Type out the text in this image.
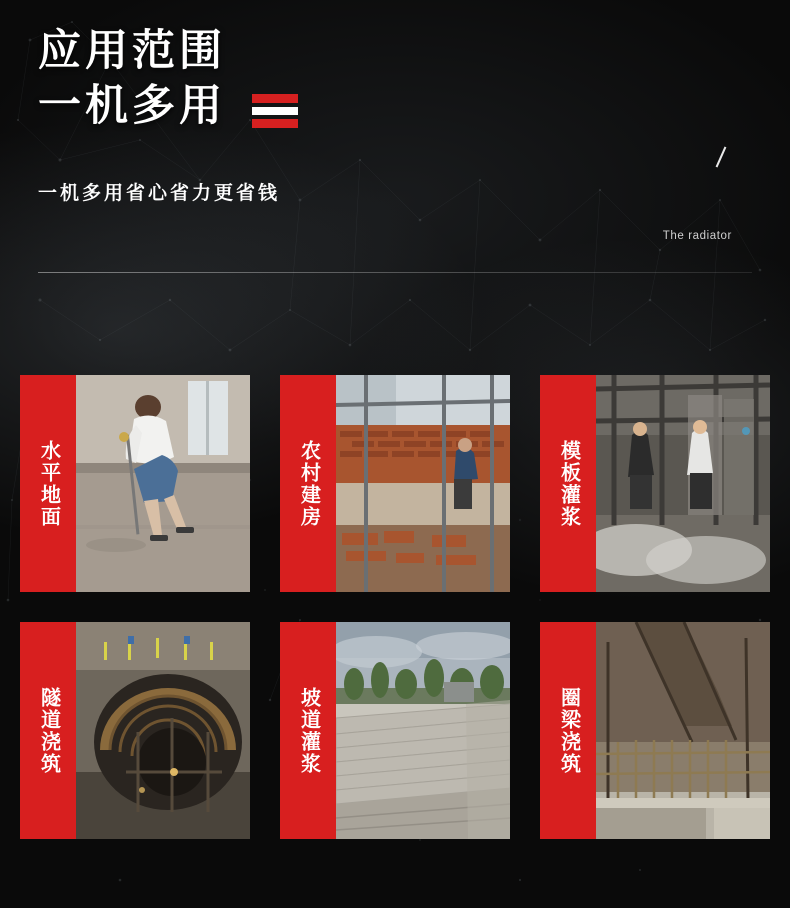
应用范围
一机多用
一机多用省心省力更省钱
The radiator
水平地面	农村建房	模板灌浆
隧道浇筑	坡道灌浆	圈梁浇筑
